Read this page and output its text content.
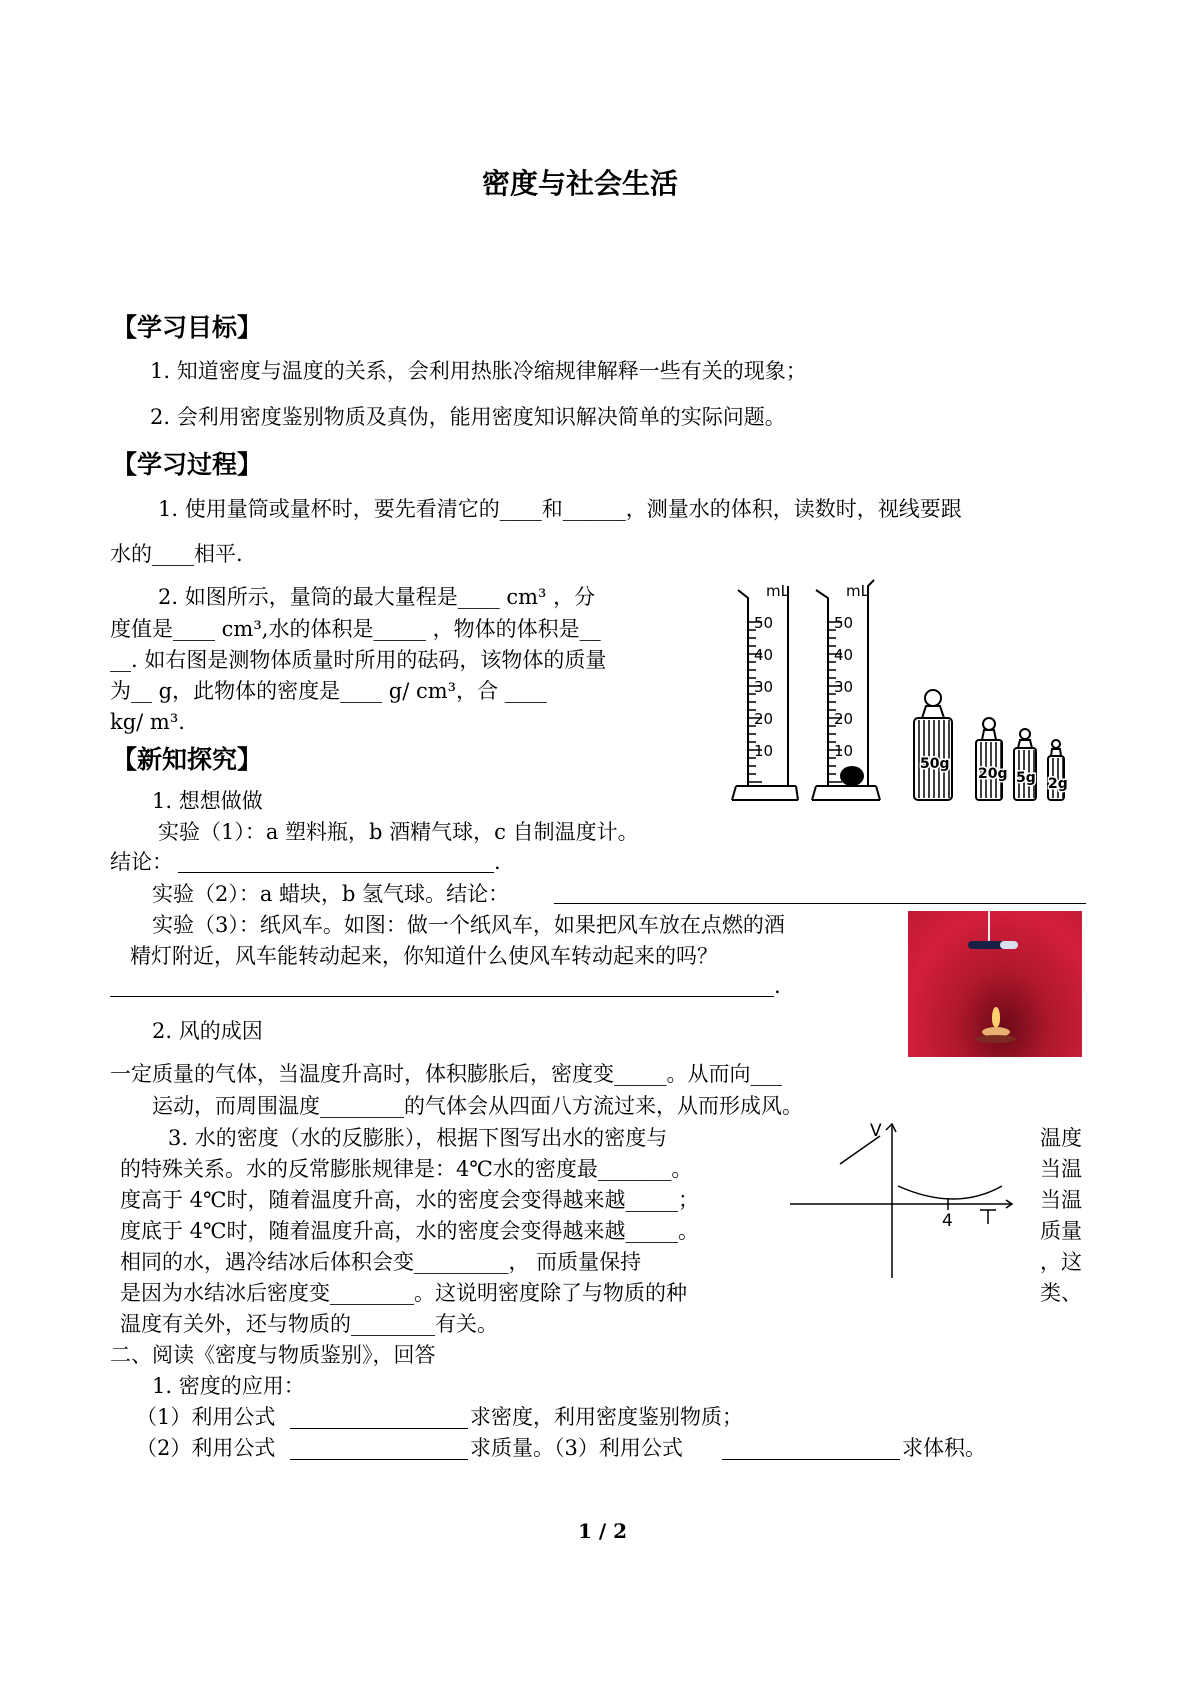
密度与社会生活
【学习目标】
1. 知道密度与温度的关系，会利用热胀冷缩规律解释一些有关的现象；
2. 会利用密度鉴别物质及真伪，能用密度知识解决简单的实际问题。
【学习过程】
1. 使用量筒或量杯时，要先看清它的____和______，测量水的体积，读数时，视线要跟
水的____相平.
2. 如图所示，量筒的最大量程是____ cm³ ，分
度值是____ cm³,水的体积是_____ ，物体的体积是__
__. 如右图是测物体质量时所用的砝码，该物体的质量
为__ g，此物体的密度是____ g/ cm³，合 ____
kg/ m³.
mL	mL
50
40
30
20
10
50
40
30
20
10
50g
20g 5g 2g
【新知探究】
1. 想想做做
实验（1）：a 塑料瓶，b 酒精气球，c 自制温度计。
结论：	.
实验（2）：a 蜡块，b 氢气球。结论：
实验（3）：纸风车。如图：做一个纸风车，如果把风车放在点燃的酒
精灯附近，风车能转动起来，你知道什么使风车转动起来的吗？
.
2. 风的成因
一定质量的气体，当温度升高时，体积膨胀后，密度变_____。从而向___
运动，而周围温度________的气体会从四面八方流过来，从而形成风。
3. 水的密度（水的反膨胀），根据下图写出水的密度与
的特殊关系。水的反常膨胀规律是：4℃水的密度最_______。
度高于 4℃时，随着温度升高，水的密度会变得越来越_____；
度底于 4℃时，随着温度升高，水的密度会变得越来越_____。
相同的水，遇冷结冰后体积会变_________， 而质量保持
是因为水结冰后密度变________。这说明密度除了与物质的种
温度有关外，还与物质的________有关。
温度
当温
当温
质量
，这
类、
V
T
4
二、阅读《密度与物质鉴别》，回答
1. 密度的应用：
（1）利用公式	求密度，利用密度鉴别物质；
（2）利用公式	求质量。（3）利用公式	求体积。
1 / 2
